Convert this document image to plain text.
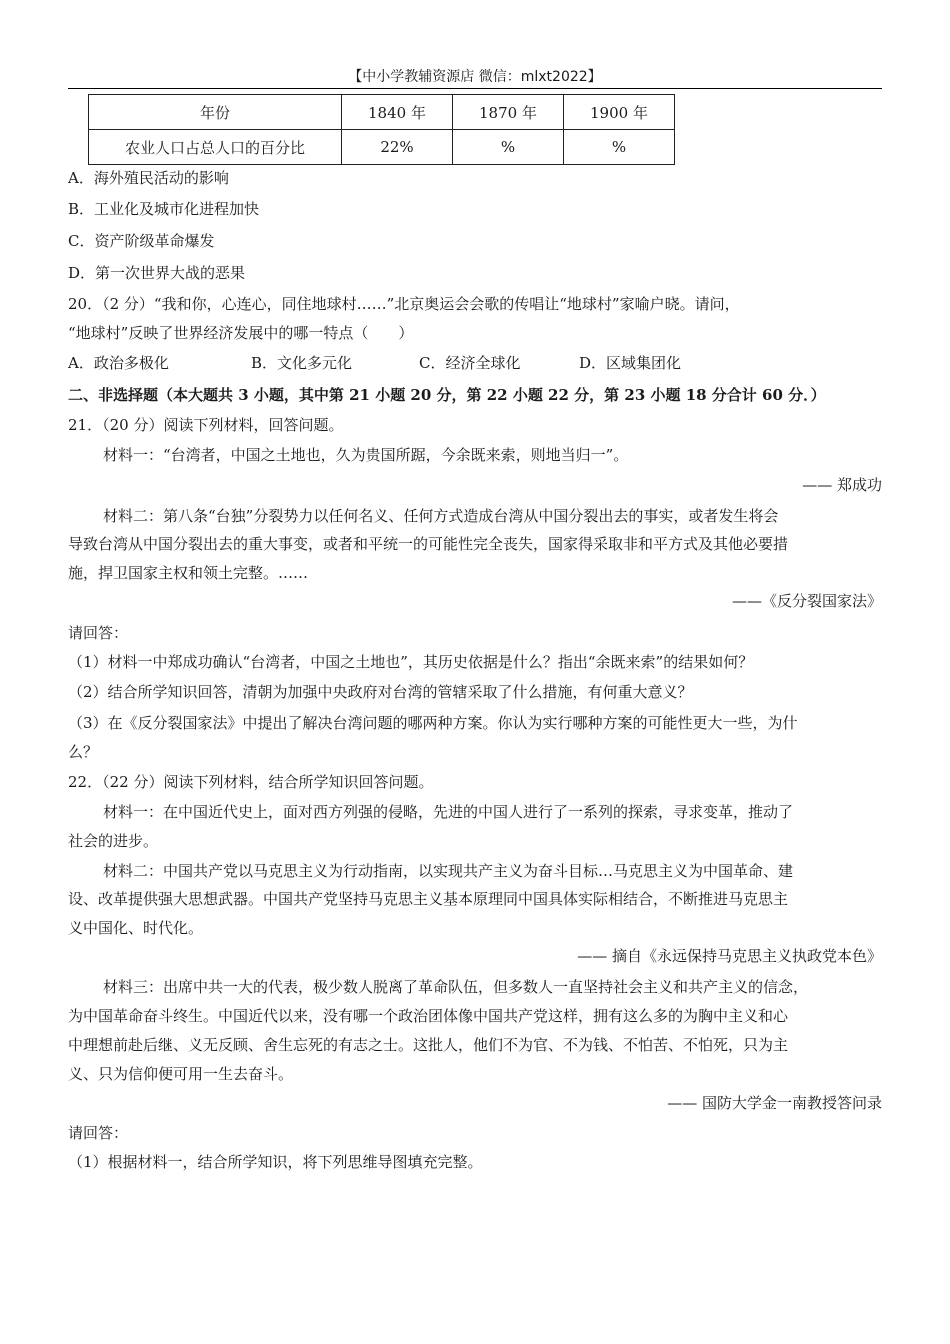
【中小学教辅资源店 微信：mlxt2022】
年份	1840 年	1870 年	1900 年
农业人口占总人口的百分比	22%	%	%
A．海外殖民活动的影响
B．工业化及城市化进程加快
C．资产阶级革命爆发
D．第一次世界大战的恶果
20．（2 分）“我和你，心连心，同住地球村……”北京奥运会会歌的传唱让“地球村”家喻户晓。请问，
“地球村”反映了世界经济发展中的哪一特点（　　）
A．政治多极化	B．文化多元化	C．经济全球化	D．区域集团化
二、非选择题（本大题共 3 小题，其中第 21 小题 20 分，第 22 小题 22 分，第 23 小题 18 分合计 60 分．）
21．（20 分）阅读下列材料，回答问题。
材料一：“台湾者，中国之土地也，久为贵国所踞，今余既来索，则地当归一”。
—— 郑成功
材料二：第八条“台独”分裂势力以任何名义、任何方式造成台湾从中国分裂出去的事实，或者发生将会
导致台湾从中国分裂出去的重大事变，或者和平统一的可能性完全丧失，国家得采取非和平方式及其他必要措
施，捍卫国家主权和领土完整。……
——《反分裂国家法》
请回答：
（1）材料一中郑成功确认“台湾者，中国之土地也”，其历史依据是什么？指出“余既来索”的结果如何？
（2）结合所学知识回答，清朝为加强中央政府对台湾的管辖采取了什么措施，有何重大意义？
（3）在《反分裂国家法》中提出了解决台湾问题的哪两种方案。你认为实行哪种方案的可能性更大一些，为什
么？
22．（22 分）阅读下列材料，结合所学知识回答问题。
材料一：在中国近代史上，面对西方列强的侵略，先进的中国人进行了一系列的探索，寻求变革，推动了
社会的进步。
材料二：中国共产党以马克思主义为行动指南，以实现共产主义为奋斗目标…马克思主义为中国革命、建
设、改革提供强大思想武器。中国共产党坚持马克思主义基本原理同中国具体实际相结合，不断推进马克思主
义中国化、时代化。
—— 摘自《永远保持马克思主义执政党本色》
材料三：出席中共一大的代表，极少数人脱离了革命队伍，但多数人一直坚持社会主义和共产主义的信念，
为中国革命奋斗终生。中国近代以来，没有哪一个政治团体像中国共产党这样，拥有这么多的为胸中主义和心
中理想前赴后继、义无反顾、舍生忘死的有志之士。这批人，他们不为官、不为钱、不怕苦、不怕死，只为主
义、只为信仰便可用一生去奋斗。
—— 国防大学金一南教授答问录
请回答：
（1）根据材料一，结合所学知识，将下列思维导图填充完整。
